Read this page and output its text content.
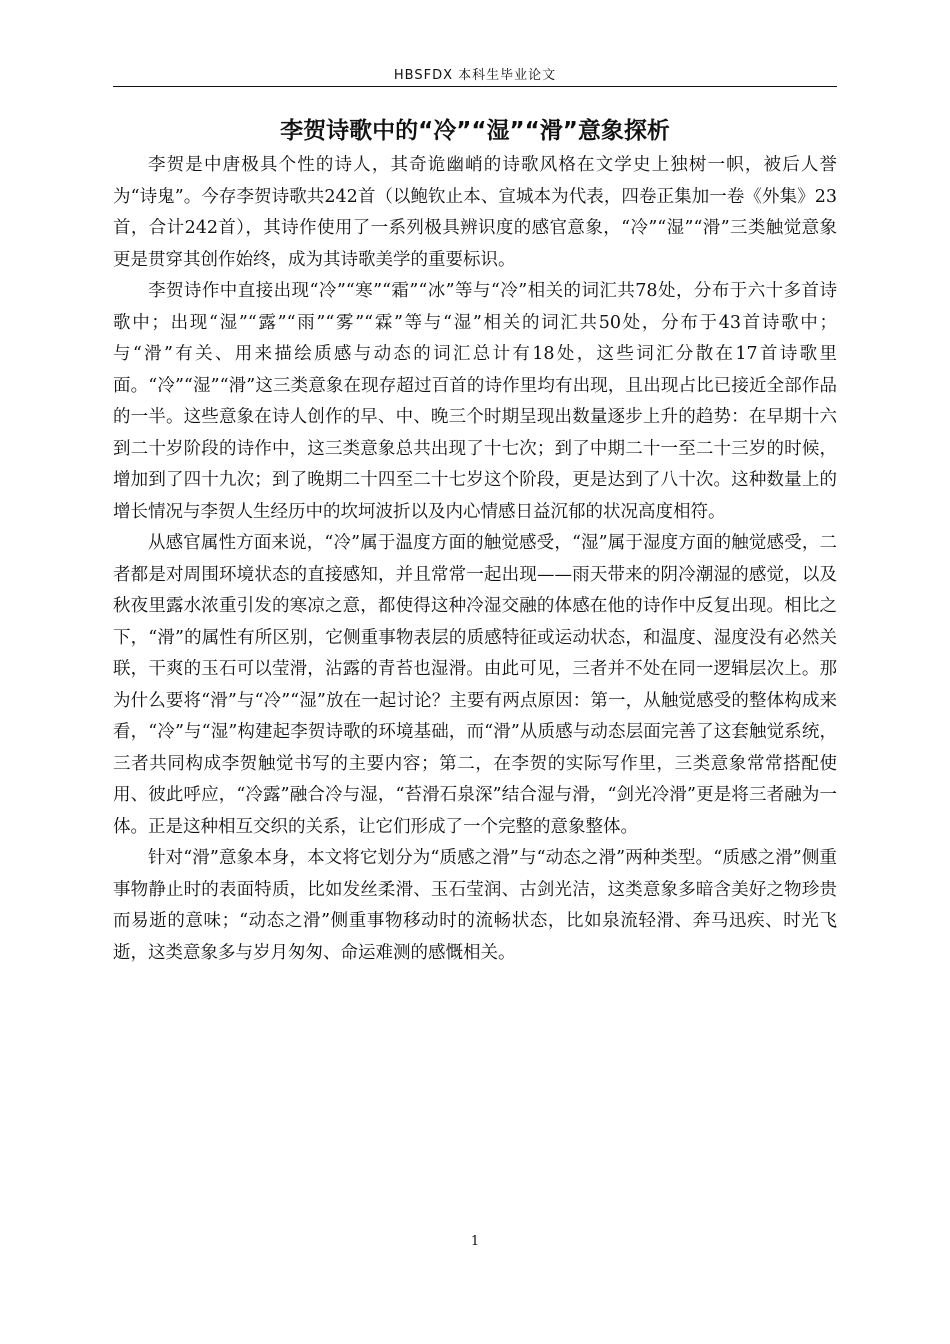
HBSFDX 本科生毕业论文
李贺诗歌中的“冷”“湿”“滑”意象探析

李贺是中唐极具个性的诗人，其奇诡幽峭的诗歌风格在文学史上独树一帜，被后人誉为“诗鬼”。今存李贺诗歌共242首（以鲍钦止本、宣城本为代表，四卷正集加一卷《外集》23首，合计242首），其诗作使用了一系列极具辨识度的感官意象，“冷”“湿”“滑”三类触觉意象更是贯穿其创作始终，成为其诗歌美学的重要标识。

李贺诗作中直接出现“冷”“寒”“霜”“冰”等与“冷”相关的词汇共78处，分布于六十多首诗歌中；出现“湿”“露”“雨”“雾”“霖”等与“湿”相关的词汇共50处，分布于43首诗歌中；与“滑”有关、用来描绘质感与动态的词汇总计有18处，这些词汇分散在17首诗歌里面。“冷”“湿”“滑”这三类意象在现存超过百首的诗作里均有出现，且出现占比已接近全部作品的一半。这些意象在诗人创作的早、中、晚三个时期呈现出数量逐步上升的趋势：在早期十六到二十岁阶段的诗作中，这三类意象总共出现了十七次；到了中期二十一至二十三岁的时候，增加到了四十九次；到了晚期二十四至二十七岁这个阶段，更是达到了八十次。这种数量上的增长情况与李贺人生经历中的坎坷波折以及内心情感日益沉郁的状况高度相符。

从感官属性方面来说，“冷”属于温度方面的触觉感受，“湿”属于湿度方面的触觉感受，二者都是对周围环境状态的直接感知，并且常常一起出现——雨天带来的阴冷潮湿的感觉，以及秋夜里露水浓重引发的寒凉之意，都使得这种冷湿交融的体感在他的诗作中反复出现。相比之下，“滑”的属性有所区别，它侧重事物表层的质感特征或运动状态，和温度、湿度没有必然关联，干爽的玉石可以莹滑，沾露的青苔也湿滑。由此可见，三者并不处在同一逻辑层次上。那为什么要将“滑”与“冷”“湿”放在一起讨论？主要有两点原因：第一，从触觉感受的整体构成来看，“冷”与“湿”构建起李贺诗歌的环境基础，而“滑”从质感与动态层面完善了这套触觉系统，三者共同构成李贺触觉书写的主要内容；第二，在李贺的实际写作里，三类意象常常搭配使用、彼此呼应，“冷露”融合冷与湿，“苔滑石泉深”结合湿与滑，“剑光冷滑”更是将三者融为一体。正是这种相互交织的关系，让它们形成了一个完整的意象整体。

针对“滑”意象本身，本文将它划分为“质感之滑”与“动态之滑”两种类型。“质感之滑”侧重事物静止时的表面特质，比如发丝柔滑、玉石莹润、古剑光洁，这类意象多暗含美好之物珍贵而易逝的意味；“动态之滑”侧重事物移动时的流畅状态，比如泉流轻滑、奔马迅疾、时光飞逝，这类意象多与岁月匆匆、命运难测的感慨相关。

1
